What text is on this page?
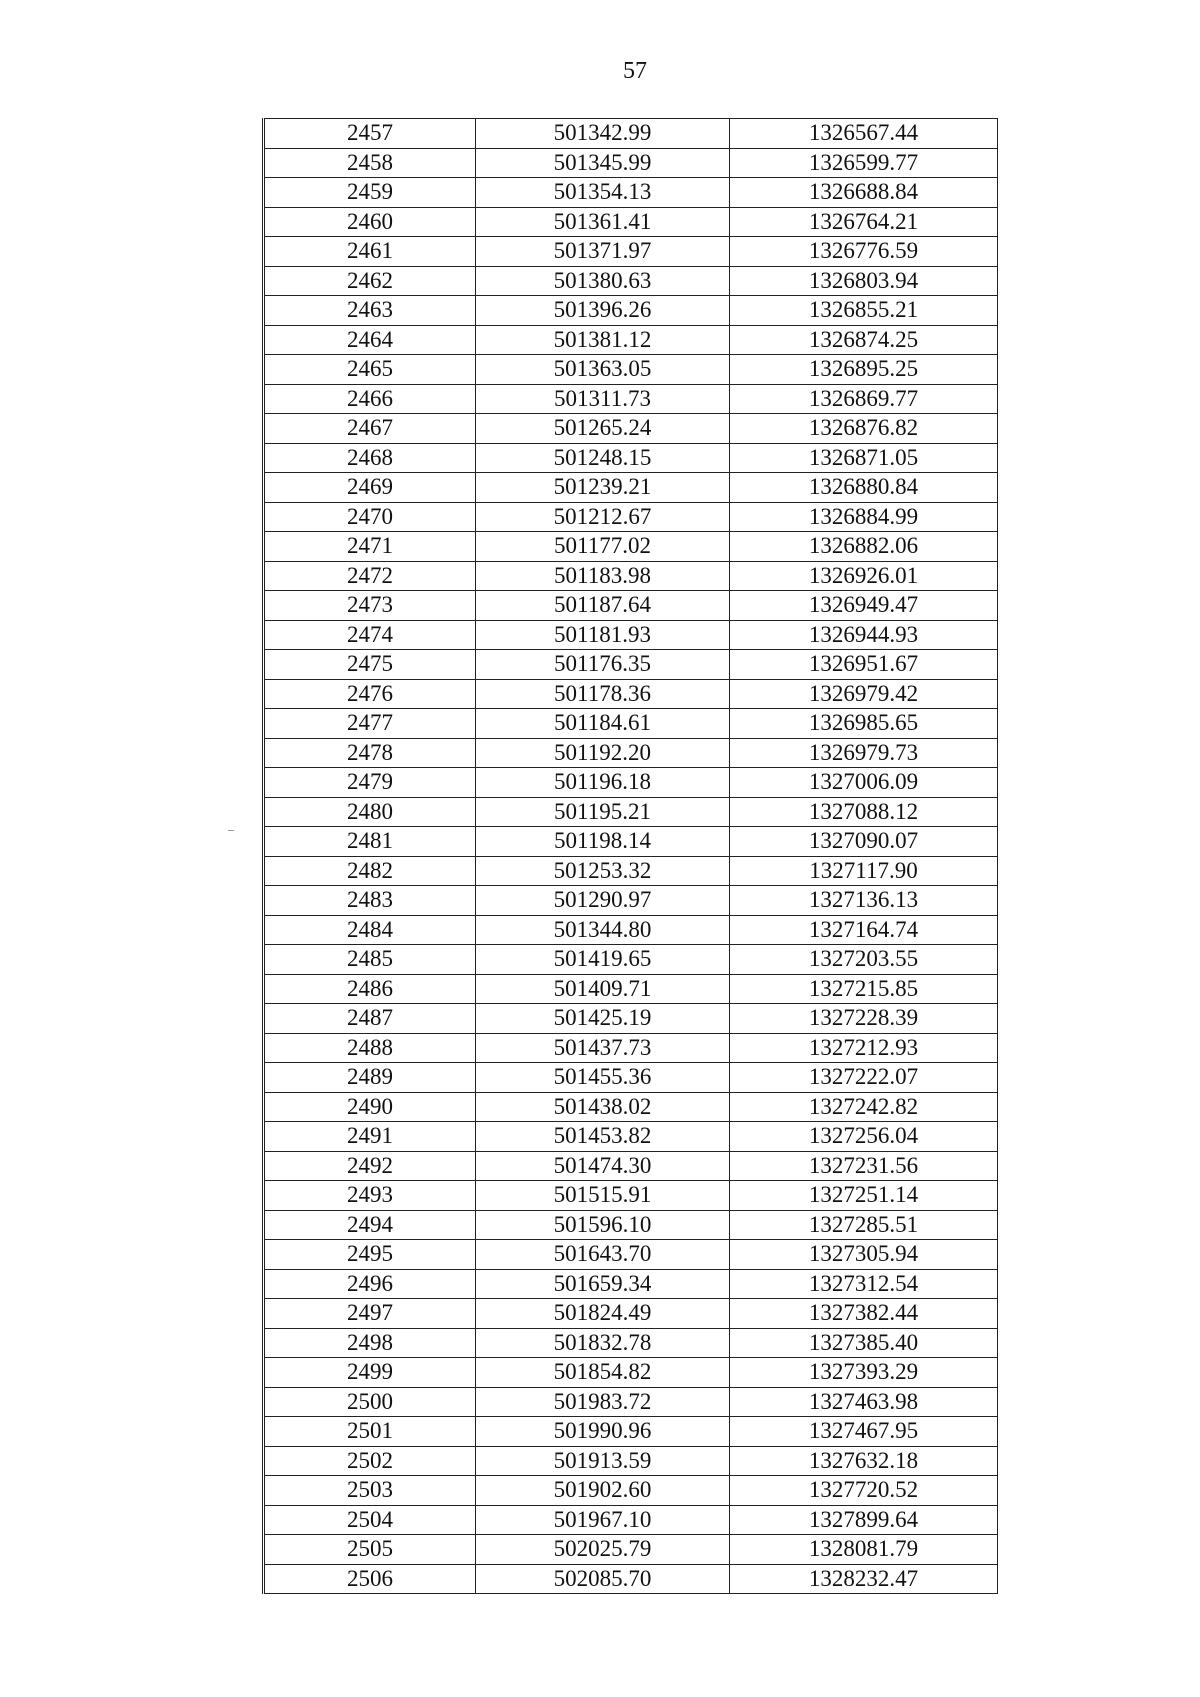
57
2457	501342.99	1326567.44
2458	501345.99	1326599.77
2459	501354.13	1326688.84
2460	501361.41	1326764.21
2461	501371.97	1326776.59
2462	501380.63	1326803.94
2463	501396.26	1326855.21
2464	501381.12	1326874.25
2465	501363.05	1326895.25
2466	501311.73	1326869.77
2467	501265.24	1326876.82
2468	501248.15	1326871.05
2469	501239.21	1326880.84
2470	501212.67	1326884.99
2471	501177.02	1326882.06
2472	501183.98	1326926.01
2473	501187.64	1326949.47
2474	501181.93	1326944.93
2475	501176.35	1326951.67
2476	501178.36	1326979.42
2477	501184.61	1326985.65
2478	501192.20	1326979.73
2479	501196.18	1327006.09
2480	501195.21	1327088.12
2481	501198.14	1327090.07
2482	501253.32	1327117.90
2483	501290.97	1327136.13
2484	501344.80	1327164.74
2485	501419.65	1327203.55
2486	501409.71	1327215.85
2487	501425.19	1327228.39
2488	501437.73	1327212.93
2489	501455.36	1327222.07
2490	501438.02	1327242.82
2491	501453.82	1327256.04
2492	501474.30	1327231.56
2493	501515.91	1327251.14
2494	501596.10	1327285.51
2495	501643.70	1327305.94
2496	501659.34	1327312.54
2497	501824.49	1327382.44
2498	501832.78	1327385.40
2499	501854.82	1327393.29
2500	501983.72	1327463.98
2501	501990.96	1327467.95
2502	501913.59	1327632.18
2503	501902.60	1327720.52
2504	501967.10	1327899.64
2505	502025.79	1328081.79
2506	502085.70	1328232.47
